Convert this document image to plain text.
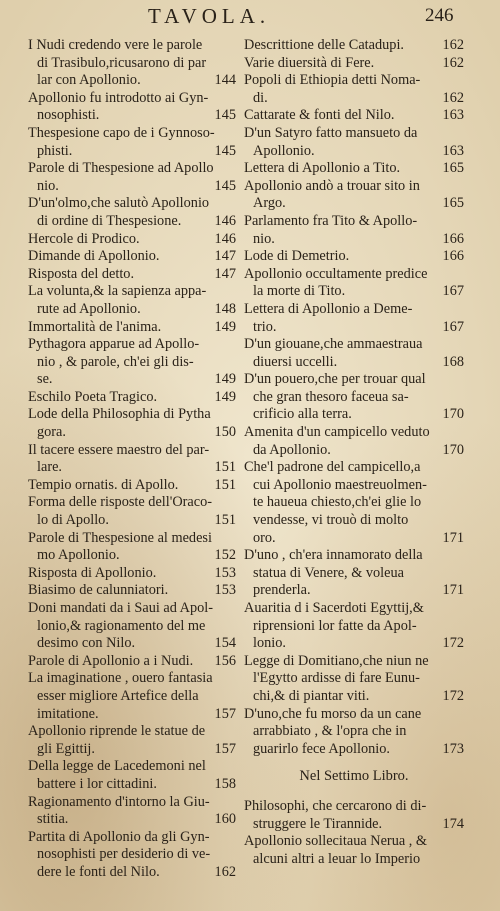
TAVOLA.	246
I Nudi credendo vere le parole
di Trasibulo,ricusarono di par
lar con Apollonio.	144
Apollonio fu introdotto ai Gyn-
nosophisti.	145
Thespesione capo de i Gynnoso-
phisti.	145
Parole di Thespesione ad Apollo
nio.	145
D'un'olmo,che salutò Apollonio
di ordine di Thespesione.	146
Hercole di Prodico.	146
Dimande di Apollonio.	147
Risposta del detto.	147
La volunta,& la sapienza appa-
rute ad Apollonio.	148
Immortalità de l'anima.	149
Pythagora apparue ad Apollo-
nio , & parole, ch'ei gli dis-
se.	149
Eschilo Poeta Tragico.	149
Lode della Philosophia di Pytha
gora.	150
Il tacere essere maestro del par-
lare.	151
Tempio ornatis. di Apollo.	151
Forma delle risposte dell'Oraco-
lo di Apollo.	151
Parole di Thespesione al medesi
mo Apollonio.	152
Risposta di Apollonio.	153
Biasimo de calunniatori.	153
Doni mandati da i Saui ad Apol-
lonio,& ragionamento del me
desimo con Nilo.	154
Parole di Apollonio a i Nudi.	156
La imaginatione , ouero fantasia
esser migliore Artefice della
imitatione.	157
Apollonio riprende le statue de
gli Egittij.	157
Della legge de Lacedemoni nel
battere i lor cittadini.	158
Ragionamento d'intorno la Giu-
stitia.	160
Partita di Apollonio da gli Gyn-
nosophisti per desiderio di ve-
dere le fonti del Nilo.	162
Descrittione delle Catadupi.	162
Varie diuersità di Fere.	162
Popoli di Ethiopia detti Noma-
di.	162
Cattarate & fonti del Nilo.	163
D'un Satyro fatto mansueto da
Apollonio.	163
Lettera di Apollonio a Tito.	165
Apollonio andò a trouar sito in
Argo.	165
Parlamento fra Tito & Apollo-
nio.	166
Lode di Demetrio.	166
Apollonio occultamente predice
la morte di Tito.	167
Lettera di Apollonio a Deme-
trio.	167
D'un giouane,che ammaestraua
diuersi uccelli.	168
D'un pouero,che per trouar qual
che gran thesoro faceua sa-
crificio alla terra.	170
Amenita d'un campicello veduto
da Apollonio.	170
Che'l padrone del campicello,a
cui Apollonio maestreuolmen-
te haueua chiesto,ch'ei glie lo
vendesse, vi trouò di molto
oro.	171
D'uno , ch'era innamorato della
statua di Venere, & voleua
prenderla.	171
Auaritia d i Sacerdoti Egyttij,&
riprensioni lor fatte da Apol-
lonio.	172
Legge di Domitiano,che niun ne
l'Egytto ardisse di fare Eunu-
chi,& di piantar viti.	172
D'uno,che fu morso da un cane
arrabbiato , & l'opra che in
guarirlo fece Apollonio.	173
Nel Settimo Libro.
Philosophi, che cercarono di di-
struggere le Tirannide.	174
Apollonio sollecitaua Nerua , &
alcuni altri a leuar lo Imperio
